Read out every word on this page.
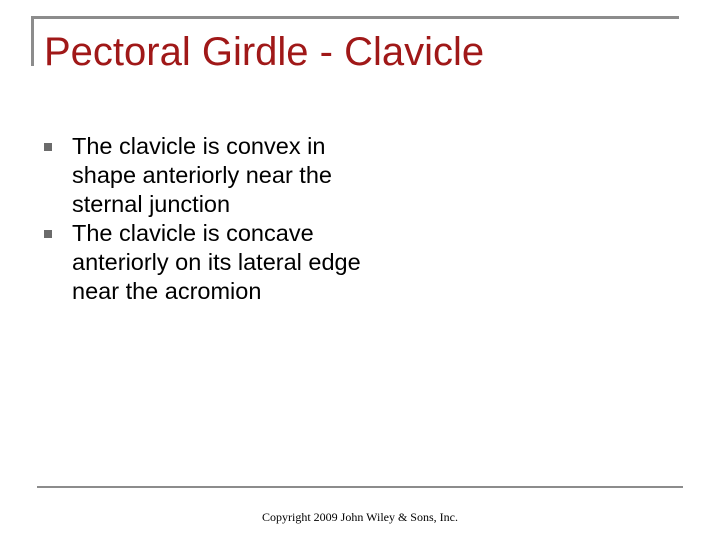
Pectoral Girdle - Clavicle
The clavicle is convex in shape anteriorly near the sternal junction
The clavicle is concave anteriorly on its lateral edge near the acromion
Copyright 2009 John Wiley & Sons, Inc.
